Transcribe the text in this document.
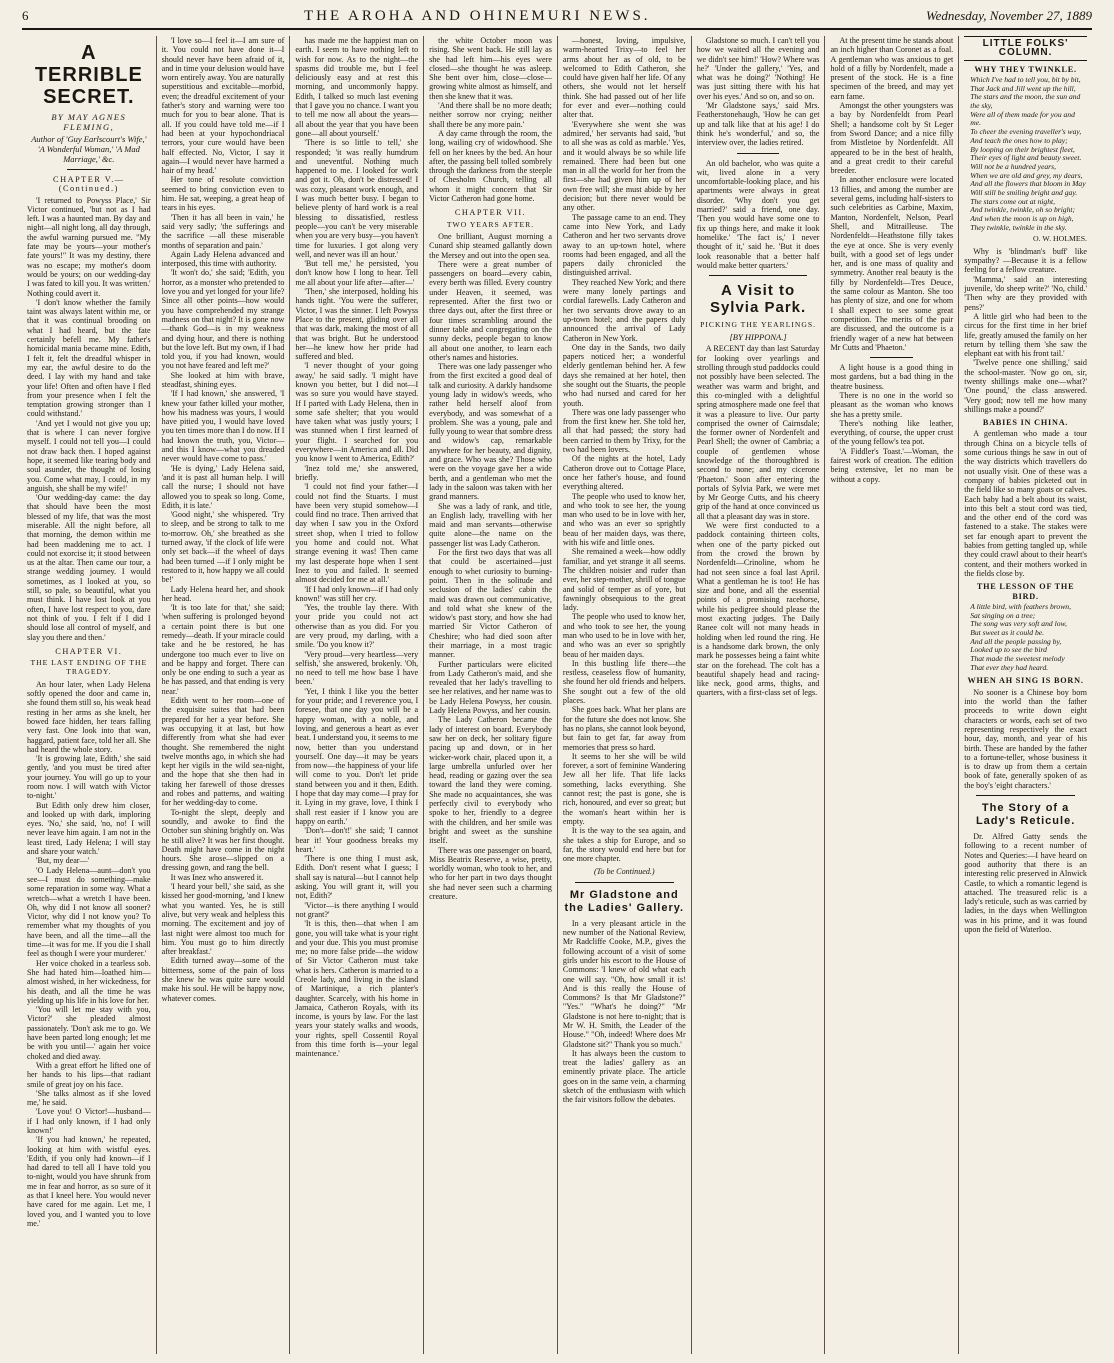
6	THE AROHA AND OHINEMURI NEWS.	Wednesday, November 27, 1889
A TERRIBLE SECRET.
BY MAY AGNES FLEMING,
Author of 'Guy Earlscourt's Wife,' 'A Wonderful Woman,' 'A Mad Marriage,' &c.
CHAPTER V.—(Continued.)

'I returned to Powyss Place,' Sir Victor continued, 'but not as I had left. I was a haunted man. By day and night—all night long, all day through, the awful warning pursued me. "My fate may be yours—your mother's fate yours!" It was my destiny, there was no escape; my mother's doom would be yours; on our wedding-day I was fated to kill you. It was written.' Nothing could avert it.

'I don't know whether the family taint was always latent within me, or that it was continual brooding on what I had heard, but the fate certainly befell me. My father's homicidal mania became mine. Edith, I felt it, felt the dreadful whisper in my ear, the awful desire to do the deed. I lay with my hand and take your life! Often and often have I fled from your presence when I felt the temptation growing stronger than I could withstand.'

'And yet I would not give you up; that is where I can never forgive myself. I could not tell you—I could not draw back then. I hoped against hope, it seemed like tearing body and soul asunder, the thought of losing you. Come what may, I could, in my anguish, she shall be my wife!'

'Our wedding-day came: the day that should have been the most blessed of my life, that was the most miserable. All the night before, all that morning, the demon within me had been maddening me to act. I could not exorcise it; it stood between us at the altar. Then came our tour, a strange wedding journey. I would sometimes, as I looked at you, so still, so pale, so beautiful, what you must think. I have lost look at you often, I have lost respect to you, dare not think of you. I felt if I did I should lose all control of myself, and slay you there and then.'

CHAPTER VI.
THE LAST ENDING OF THE TRAGEDY.

An hour later, when Lady Helena softly opened the door and came in, she found them still so, his weak head resting in her arms as she knelt, her bowed face hidden, her tears falling very fast. One look into that wan, haggard, patient face, told her all. She had heard the whole story.

'It is growing late, Edith,' she said gently, 'and you must be tired after your journey. You will go up to your room now. I will watch with Victor to-night.'

But Edith only drew him closer, and looked up with dark, imploring eyes. 'No,' she said, 'no, no! I will never leave him again. I am not in the least tired, Lady Helena; I will stay and share your watch.'

'But, my dear—'

'O Lady Helena—aunt—don't you see—I must do something—make some reparation in some way. What a wretch—what a wretch I have been. Oh, why did I not know all sooner? Victor, why did I not know you? To remember what my thoughts of you have been, and all the time—all the time—it was for me. If you die I shall feel as though I were your murderer.'

Her voice choked in a tearless sob. She had hated him—loathed him—almost wished, in her wickedness, for his death, and all the time he was yielding up his life in his love for her.

'You will let me stay with you, Victor?' she pleaded almost passionately. 'Don't ask me to go. We have been parted long enough; let me be with you until—' again her voice choked and died away.

With a great effort he lifted one of her hands to his lips—that radiant smile of great joy on his face.

'She talks almost as if she loved me,' he said.

'Love you! O Victor!—husband—if I had only known, if I had only known!'

'If you had known,' he repeated, looking at him with wistful eyes. 'Edith, if you only had known—if I had dared to tell all I have told you to-night, would you have shrunk from me in fear and horror, as so sure of it as that I kneel here. You would never have cared for me again. Let me, I loved you, and I wanted you to love me.'

'I love so—I feel it—I am sure of it. You could not have done it—I should never have been afraid of it, and in time your delusion would have worn entirely away. You are naturally superstitious and excitable—morbid, even; the dreadful excitement of your father's story and warning were too much for you to bear alone. That is all. If you could have told me—if I had been at your hypochondriacal terrors, your cure would have been half effected. No, Victor, I say it again—I would never have harmed a hair of my head.'

Her tone of resolute conviction seemed to bring conviction even to him. He sat, weeping, a great heap of tears in his eyes.

'Then it has all been in vain,' he said very sadly; 'the sufferings and the sacrifice —all these miserable months of separation and pain.'

Again Lady Helena advanced and interposed, this time with authority.

'It won't do,' she said; 'Edith, you horror, as a monster who pretended to love you and yet longed for your life? Since all other points—how would you have comprehended my strange madness on that night? It is gone now—thank God—is in my weakness and dying hour, and there is nothing but the love left. But my own, if I had told you, if you had known, would you not have feared and left me?'

She looked at him with brave, steadfast, shining eyes.

'If I had known,' she answered, 'I knew your father killed your mother, how his madness was yours, I would have pitied you, I would have loved you ten times more than I do now. If I had known the truth, you, Victor—and this I know—what you dreaded never would have come to pass.'

'He is dying,' Lady Helena said, 'and it is past all human help. I will call the nurse; I should not have allowed you to speak so long. Come, Edith, it is late.'

'Good night,' she whispered. 'Try to sleep, and be strong to talk to me to-morrow. Oh,' she breathed as she turned away, 'if the clock of life were only set back—if the wheel of days had been turned —if I only might be restored to it, how happy we all could be!'

Lady Helena heard her, and shook her head.

'It is too late for that,' she said; 'when suffering is prolonged beyond a certain point there is but one remedy—death. If your miracle could take and he be restored, he has undergone too much ever to live on and be happy and forget. There can only be one ending to such a year as he has passed, and that ending is very near.'

Edith went to her room—one of the exquisite suites that had been prepared for her a year before. She was occupying it at last, but how differently from what she had ever thought. She remembered the night twelve months ago, in which she had kept her vigils in the wild sea-night, and the hope that she then had in taking her farewell of those dresses and robes and patterns, and waiting for her wedding-day to come.

To-night the slept, deeply and soundly, and awoke to find the October sun shining brightly on. Was he still alive? It was her first thought. Death might have come in the night hours. She arose—slipped on a dressing gown, and rang the bell.

It was Inez who answered it.

'I heard your bell,' she said, as she kissed her good-morning, 'and I knew what you wanted. Yes, he is still alive, but very weak and helpless this morning. The excitement and joy of last night were almost too much for him. You must go to him directly after breakfast.'

Edith turned away—some of the bitterness, some of the pain of loss she knew he was quite sure would make his soul. He will be happy now, whatever comes.

has made me the happiest man on earth. I seem to have nothing left to wish for now. As to the night—the spasms did trouble me, but I feel deliciously easy and at rest this morning, and uncommonly happy. Edith, I talked so much last evening that I gave you no chance. I want you to tell me now all about the years—all about the year that you have been gone—all about yourself.'

'There is so little to tell,' she responded; 'it was really humdrum and uneventful. Nothing much happened to me. I looked for work and got it. Oh, don't be distressed! I was cozy, pleasant work enough, and I was much better busy. I began to believe plenty of hard work is a real blessing to dissatisfied, restless people—you can't be very miserable when you are very busy—you haven't time for luxuries. I got along very well, and never was ill an hour.'

'But tell me,' he persisted, 'you don't know how I long to hear. Tell me all about your life after—after—'

'Then,' she interposed, holding his hands tight. 'You were the sufferer, Victor, I was the sinner. I left Powyss Place to the present, gliding over all that was dark, making the most of all that was bright. But he understood her—he knew how her pride had suffered and bled.

'I never thought of your going away,' he said sadly. 'I might have known you better, but I did not—I was so sure you would have stayed. If I parted with Lady Helena, then in some safe shelter; that you would have taken what was justly yours; I was stunned when I first learned of your flight. I searched for you everywhere—in America and all. Did you know I went to America, Edith?'

'Inez told me,' she answered, briefly.

'I could not find your father—I could not find the Stuarts. I must have been very stupid somehow—I could find no trace. Then arrived that day when I saw you in the Oxford street shop, when I tried to follow you home and could not. What strange evening it was! Then came my last desperate hope when I sent Inez to you and failed. It seemed almost decided for me at all.'

'If I had only known—if I had only known!' was still her cry.

'Yes, the trouble lay there. With your pride you could not act otherwise than as you did. For you are very proud, my darling, with a smile. 'Do you know it?'

'Very proud—very heartless—very selfish,' she answered, brokenly. 'Oh, no need to tell me how base I have been.'

'Yet, I think I like you the better for your pride; and I reverence you, I foresee, that one day you will be a happy woman, with a noble, and loving, and generous a heart as ever beat. I understand you, it seems to me now, better than you understand yourself. One day—it may be years from now—the happiness of your life will come to you. Don't let pride stand between you and it then, Edith. I hope that day may come—I pray for it. Lying in my grave, love, I think I shall rest easier if I know you are happy on earth.'

'Don't—don't!' she said; 'I cannot bear it! Your goodness breaks my heart.'

'There is one thing I must ask, Edith. Don't resent what I guess; I shall say is natural—but I cannot help asking. You will grant it, will you not, Edith?'

'Victor—is there anything I would not grant?'

'It is this, then—that when I am gone, you will take what is your right and your due. This you must promise me; no more false pride—the widow of Sir Victor Catheron must take what is hers. Catheron is married to a Creole lady, and living in the island of Martinique, a rich planter's daughter. Scarcely, with his home in Jamaica, Catheron Royals, with its income, is yours by law. For the last years your stately walks and woods, your rights, spell Cossentil Royal from this time forth is—your legal maintenance.'

the white October moon was rising. She went back. He still lay as she had left him—his eyes were closed—she thought he was asleep. She bent over him, close—close—growing white almost as himself, and then she knew that it was.

'And there shall be no more death; neither sorrow nor crying; neither shall there be any more pain.'

A day came through the room, the long, wailing cry of widowhood. She fell on her knees by the bed. An hour after, the passing bell tolled sombrely through the darkness from the steeple of Chesholm Church, telling all whom it might concern that Sir Victor Catheron had gone home.

CHAPTER VII.
TWO YEARS AFTER.

One brilliant, August morning a Cunard ship steamed gallantly down the Mersey and out into the open sea.

There were a great number of passengers on board—every cabin, every berth was filled. Every country under Heaven, it seemed, was represented. After the first two or three days out, after the first three or four times scrambling around the dinner table and congregating on the sunny decks, people began to know all about one another, to learn each other's names and histories.

There was one lady passenger who from the first excited a good deal of talk and curiosity. A darkly handsome young lady in widow's weeds, who rather held herself aloof from everybody, and was somewhat of a problem. She was a young, pale and fully young to wear that sombre dress and widow's cap, remarkable anywhere for her beauty, and dignity, and grace. Who was she? Those who were on the voyage gave her a wide berth, and a gentleman who met the lady in the saloon was taken with her grand manners.

She was a lady of rank, and title, an English lady, travelling with her maid and man servants—otherwise quite alone—the name on the passenger list was Lady Catheron.

For the first two days that was all that could be ascertained—just enough to whet curiosity to burning-point. Then in the solitude and seclusion of the ladies' cabin the maid was drawn out communicative, and told what she knew of the widow's past story, and how she had married Sir Victor Catheron of Cheshire; who had died soon after their marriage, in a most tragic manner.

Further particulars were elicited from Lady Catheron's maid, and she revealed that her lady's travelling to see her relatives, and her name was to be Lady Helena Powyss, her cousin. Lady Helena Powyss, and her cousin.

The Lady Catheron became the lady of interest on board. Everybody saw her on deck, her solitary figure pacing up and down, or in her wicker-work chair, placed upon it, a large umbrella unfurled over her head, reading or gazing over the sea toward the land they were coming. She made no acquaintances, she was perfectly civil to everybody who spoke to her, friendly to a degree with the children, and her smile was bright and sweet as the sunshine itself.

There was one passenger on board, Miss Beatrix Reserve, a wise, pretty, worldly woman, who took to her, and who for her part in two days thought she had never seen such a charming creature.

—honest, loving, impulsive, warm-hearted Trixy—to feel her arms about her as of old, to be welcomed to Edith Catheron, she could have given half her life. Of any others, she would not let herself think. She had passed out of her life for ever and ever—nothing could alter that.

'Everywhere she went she was admired,' her servants had said, 'but to all she was as cold as marble.' Yes, and it would always be so while life remained. There had been but one man in all the world for her from the first—she had given him up of her own free will; she must abide by her decision; but there never would be any other.

The passage came to an end. They came into New York, and Lady Catheron and her two servants drove away to an up-town hotel, where rooms had been engaged, and all the papers daily chronicled the distinguished arrival.

They reached New York; and there were many lonely partings and cordial farewells. Lady Catheron and her two servants drove away to an up-town hotel; and the papers duly announced the arrival of Lady Catheron in New York.

One day in the Sands, two daily papers noticed her; a wonderful elderly gentleman behind her. A few days she remained at her hotel, then she sought out the Stuarts, the people who had nursed and cared for her youth.

There was one lady passenger who from the first knew her. She told her, all that had passed; the story had been carried to them by Trixy, for the two had been lovers.

Of the nights at the hotel, Lady Catheron drove out to Cottage Place, once her father's house, and found everything altered.

The people who used to know her, and who took to see her, the young man who used to be in love with her, and who was an ever so sprightly beau of her maiden days, was there, with his wife and little ones.

She remained a week—how oddly familiar, and yet strange it all seems. The children noisier and ruder than ever, her step-mother, shrill of tongue and solid of temper as of yore, but fawningly obsequious to the great lady.

The people who used to know her, and who took to see her, the young man who used to be in love with her, and who was an ever so sprightly beau of her maiden days.

In this bustling life there—the restless, ceaseless flow of humanity, she found her old friends and helpers. She sought out a few of the old places.

She goes back. What her plans are for the future she does not know. She has no plans, she cannot look beyond, but fain to get far, far away from memories that press so hard.

It seems to her she will be wild forever, a sort of feminine Wandering Jew all her life. That life lacks something, lacks everything. She cannot rest; the past is gone, she is rich, honoured, and ever so great; but the woman's heart within her is empty.

It is the way to the sea again, and she takes a ship for Europe, and so far, the story would end here but for one more chapter.

(To be Continued.)
Mr Gladstone and the Ladies' Gallery.

In a very pleasant article in the new number of the National Review, Mr Radcliffe Cooke, M.P., gives the following account of a visit of some girls under his escort to the House of Commons: 'I knew of old what each one will say. "Oh, how small it is! And is this really the House of Commons? Is that Mr Gladstone?" "Yes." "What's he doing?" "Mr Gladstone is not here to-night; that is Mr W. H. Smith, the Leader of the House." "Oh, indeed! Where does Mr Gladstone sit?" Thank you so much.'

It has always been the custom to treat the ladies' gallery as an eminently private place. The article goes on in the same vein, a charming sketch of the enthusiasm with which the fair visitors follow the debates.

Gladstone so much. I can't tell you how we waited all the evening and we didn't see him!' 'How? Where was he?' 'Under the gallery,' 'Yes, and what was he doing?' 'Nothing! He was just sitting there with his hat over his eyes.' And so on, and so on.

'Mr Gladstone says,' said Mrs. Featherstonehaugh, 'How he can get up and talk like that at his age! I do think he's wonderful,' and so, the interview over, the ladies retired.

An old bachelor, who was quite a wit, lived alone in a very uncomfortable-looking place, and his apartments were always in great disorder. 'Why don't you get married?' said a friend, one day. 'Then you would have some one to fix up things here, and make it look homelike.' 'The fact is,' I never thought of it,' said he. 'But it does look reasonable that a better half would make better quarters.'

A Visit to Sylvia Park.
PICKING THE YEARLINGS.
[BY HIPPONA.]

A RECENT day than last Saturday for looking over yearlings and strolling through stud paddocks could not possibly have been selected. The weather was warm and bright, and this co-mingled with a delightful spring atmosphere made one feel that it was a pleasure to live. Our party comprised the owner of Cairnsdale; the former owner of Nordenfelt and Pearl Shell; the owner of Cambria; a couple of gentlemen whose knowledge of the thoroughbred is second to none; and my cicerone 'Phaeton.' Soon after entering the portals of Sylvia Park, we were met by Mr George Cutts, and his cheery grip of the hand at once convinced us all that a pleasant day was in store.

We were first conducted to a paddock containing thirteen colts, when one of the party picked out from the crowd the brown by Nordenfeldt—Crinoline, whom he had not seen since a foal last April. What a gentleman he is too! He has size and bone, and all the essential points of a promising racehorse, while his pedigree should please the most exacting judges. The Daily Ranee colt will not many heads in holding when led round the ring. He is a handsome dark brown, the only mark he possesses being a faint white star on the forehead. The colt has a beautiful shapely head and racing-like neck, good arms, thighs, and quarters, with a first-class set of legs.

At the present time he stands about an inch higher than Coronet as a foal. A gentleman who was anxious to get hold of a filly by Nordenfelt, made a present of the stock. He is a fine specimen of the breed, and may yet earn fame.

Amongst the other youngsters was a bay by Nordenfeldt from Pearl Shell; a handsome colt by St Leger from Sword Dance; and a nice filly from Mistletoe by Nordenfeldt. All appeared to be in the best of health, and a great credit to their careful breeder.

In another enclosure were located 13 fillies, and among the number are several gems, including half-sisters to such celebrities as Carbine, Maxim, Manton, Nordenfelt, Nelson, Pearl Shell, and Mitrailleuse. The Nordenfeldt—Heathstone filly takes the eye at once. She is very evenly built, with a good set of legs under her, and is one mass of quality and symmetry. Another real beauty is the filly by Nordenfeldt—Tres Deuce, the same colour as Manton. She too has plenty of size, and one for whom I shall expect to see some great competition. The merits of the pair are discussed, and the outcome is a friendly wager of a new hat between Mr Cutts and 'Phaeton.'

A light house is a good thing in most gardens, but a bad thing in the theatre business.

There is no one in the world so pleasant as the woman who knows she has a pretty smile.

There's nothing like leather, everything, of course, the upper crust of the young fellow's tea pot.

'A Fiddler's Toast.'—Woman, the fairest work of creation. The edition being extensive, let no man be without a copy.

LITTLE FOLKS' COLUMN.
WHY THEY TWINKLE.
Which I've had to tell you, bit by bit,
That Jack and Jill went up the hill,
The stars and the moon, the sun and the sky,
Were all of them made for you and me.
To cheer the evening traveller's way,
And teach the ones how to play;
By looping on their brightest fleet,
Their eyes of light and beauty sweet.
Will not be a hundred years,
When we are old and grey, my dears,
And all the flowers that bloom in May
Will still be smiling bright and gay.
The stars come out at night,
And twinkle, twinkle, oh so bright;
And when the moon is up on high,
They twinkle, twinkle in the sky.
O. W. HOLMES.

Why is 'blindman's buff' like sympathy? —Because it is a fellow feeling for a fellow creature.

'Mamma,' said an interesting juvenile, 'do sheep write?' 'No, child.' 'Then why are they provided with pens?'

A little girl who had been to the circus for the first time in her brief life, greatly amused the family on her return by telling them 'she saw the elephant eat with his front tail.'

'Twelve pence one shilling,' said the school-master. 'Now go on, sir, twenty shillings make one—what?' 'One pound,' the class answered. 'Very good; now tell me how many shillings make a pound?'

BABIES IN CHINA.

A gentleman who made a tour through China on a bicycle tells of some curious things he saw in out of the way districts which travellers do not usually visit. One of these was a company of babies picketed out in the field like so many goats or calves. Each baby had a belt about its waist, into this belt a stout cord was tied, and the other end of the cord was fastened to a stake. The stakes were set far enough apart to prevent the babies from getting tangled up, while they could crawl about to their heart's content, and their mothers worked in the fields close by.

THE LESSON OF THE BIRD.
A little bird, with feathers brown,
Sat singing on a tree;
The song was very soft and low,
But sweet as it could be.
And all the people passing by,
Looked up to see the bird
That made the sweetest melody
That ever they had heard.
WHEN AH SING IS BORN.

No sooner is a Chinese boy born into the world than the father proceeds to write down eight characters or words, each set of two representing respectively the exact hour, day, month, and year of his birth. These are handed by the father to a fortune-teller, whose business it is to draw up from them a certain book of fate, generally spoken of as the boy's 'eight characters.'

The Story of a Lady's Reticule.

Dr. Alfred Gatty sends the following to a recent number of Notes and Queries:—I have heard on good authority that there is an interesting relic preserved in Alnwick Castle, to which a romantic legend is attached. The treasured relic is a lady's reticule, such as was carried by ladies, in the days when Wellington was in his prime, and it was found upon the field of Waterloo.
